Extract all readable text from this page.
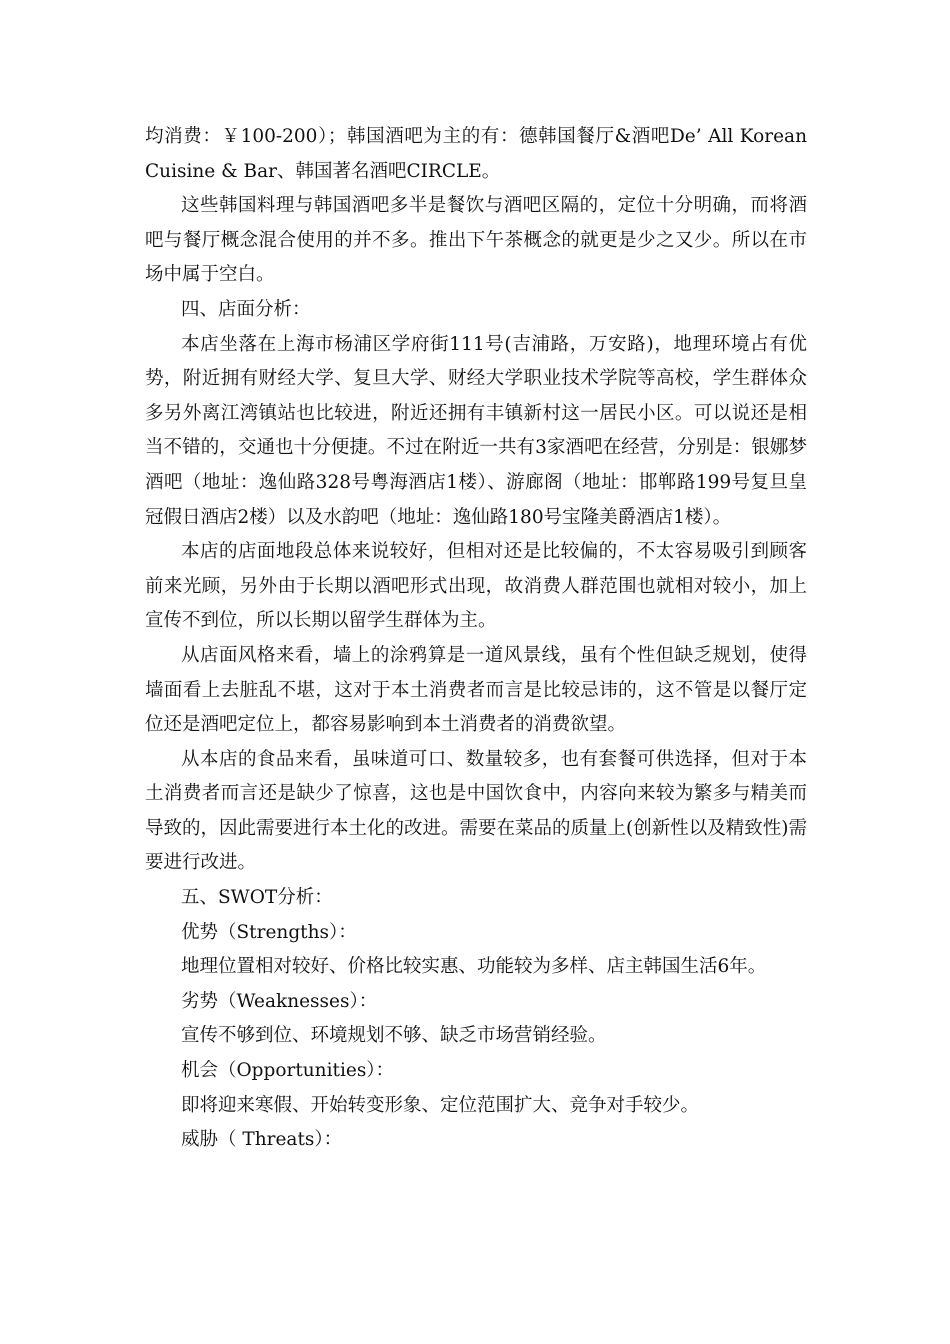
均消费：￥100-200）；韩国酒吧为主的有：德韩国餐厅&酒吧De’ All Korean Cuisine & Bar、韩国著名酒吧CIRCLE。

这些韩国料理与韩国酒吧多半是餐饮与酒吧区隔的，定位十分明确，而将酒吧与餐厅概念混合使用的并不多。推出下午茶概念的就更是少之又少。所以在市场中属于空白。

四、店面分析：

本店坐落在上海市杨浦区学府街111号(吉浦路，万安路)，地理环境占有优势，附近拥有财经大学、复旦大学、财经大学职业技术学院等高校，学生群体众多另外离江湾镇站也比较进，附近还拥有丰镇新村这一居民小区。可以说还是相当不错的，交通也十分便捷。不过在附近一共有3家酒吧在经营，分别是：银娜梦酒吧（地址：逸仙路328号粤海酒店1楼）、游廊阁（地址：邯郸路199号复旦皇冠假日酒店2楼）以及水韵吧（地址：逸仙路180号宝隆美爵酒店1楼）。

本店的店面地段总体来说较好，但相对还是比较偏的，不太容易吸引到顾客前来光顾，另外由于长期以酒吧形式出现，故消费人群范围也就相对较小，加上宣传不到位，所以长期以留学生群体为主。

从店面风格来看，墙上的涂鸦算是一道风景线，虽有个性但缺乏规划，使得墙面看上去脏乱不堪，这对于本土消费者而言是比较忌讳的，这不管是以餐厅定位还是酒吧定位上，都容易影响到本土消费者的消费欲望。

从本店的食品来看，虽味道可口、数量较多，也有套餐可供选择，但对于本土消费者而言还是缺少了惊喜，这也是中国饮食中，内容向来较为繁多与精美而导致的，因此需要进行本土化的改进。需要在菜品的质量上(创新性以及精致性)需要进行改进。

五、SWOT分析：

优势（Strengths）：

地理位置相对较好、价格比较实惠、功能较为多样、店主韩国生活6年。

劣势（Weaknesses）：

宣传不够到位、环境规划不够、缺乏市场营销经验。

机会（Opportunities）：

即将迎来寒假、开始转变形象、定位范围扩大、竞争对手较少。

威胁（ Threats）：
